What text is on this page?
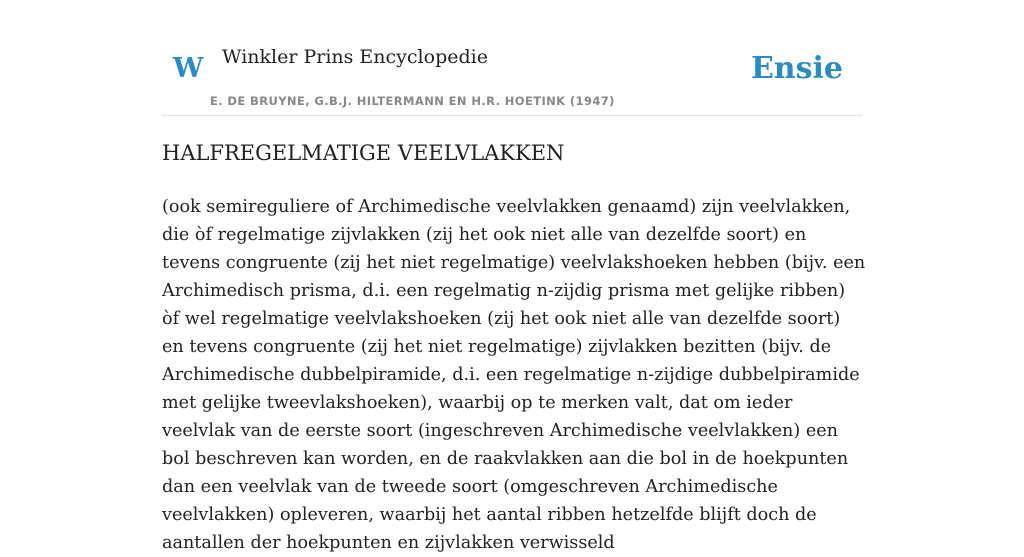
W Winkler Prins Encyclopedie	Ensie
E. DE BRUYNE, G.B.J. HILTERMANN EN H.R. HOETINK (1947)
HALFREGELMATIGE VEELVLAKKEN

(ook semireguliere of Archimedische veelvlakken genaamd) zijn veelvlakken, die òf regelmatige zijvlakken (zij het ook niet alle van dezelfde soort) en tevens congruente (zij het niet regelmatige) veelvlakshoeken hebben (bijv. een Archimedisch prisma, d.i. een regelmatig n-zijdig prisma met gelijke ribben) òf wel regelmatige veelvlakshoeken (zij het ook niet alle van dezelfde soort) en tevens congruente (zij het niet regelmatige) zijvlakken bezitten (bijv. de Archimedische dubbelpiramide, d.i. een regelmatige n-zijdige dubbelpiramide met gelijke tweevlakshoeken), waarbij op te merken valt, dat om ieder veelvlak van de eerste soort (ingeschreven Archimedische veelvlakken) een bol beschreven kan worden, en de raakvlakken aan die bol in de hoekpunten dan een veelvlak van de tweede soort (omgeschreven Archimedische veelvlakken) opleveren, waarbij het aantal ribben hetzelfde blijft doch de aantallen der hoekpunten en zijvlakken verwisseld
